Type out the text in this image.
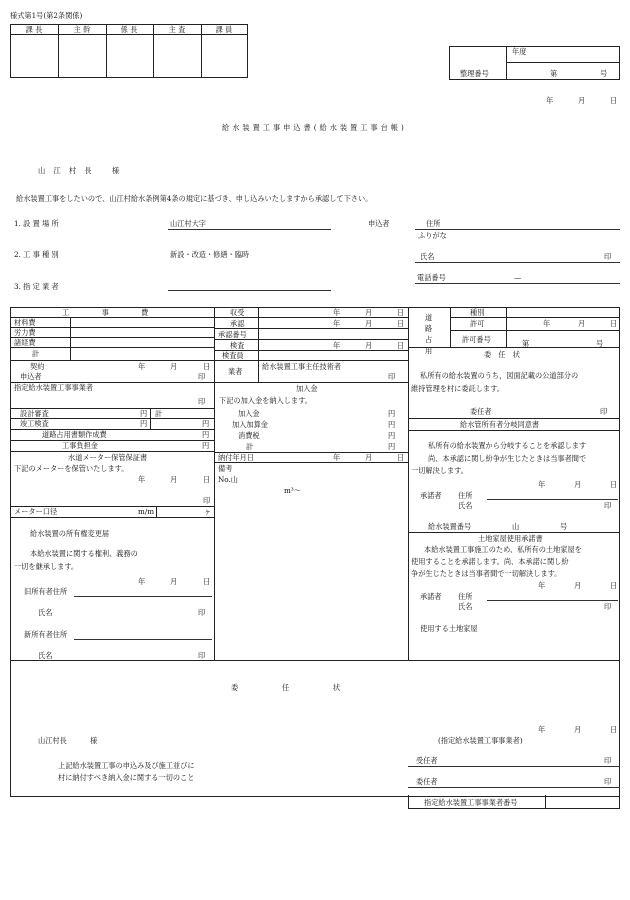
様式第1号(第2条関係)
課 長	主 幹	係 長	主 査	課 員
年度
整理番号	第	号
年	月	日
給水装置工事申込書(給水装置工事台帳)
山 江 村 長 様
給水装置工事をしたいので、山江村給水条例第4条の規定に基づき、申し込みいたしますから承認して下さい。
1. 設 置 場 所	山江村大字
2. 工 事 種 別	新設・改造・修繕・臨時
3. 指 定 業 者
申込者	住所
ふりがな
氏名	印
電話番号	—
工　　事　　費
材料費
労力費
諸経費
計
契約	年	月	日
申込者	印
指定給水装置工事事業者
印
設計審査	円 計
竣工検査	円	円
道路占用書類作成費	円
工事負担金	円
水道メーター保管保証書
下記のメーターを保管いたします。
年	月	日
印
メーター口径	m/m	ヶ
給水装置の所有権変更届
本給水装置に関する権利、義務の
一切を継承します。
年	月	日
旧所有者住所
氏名	印
新所有者住所
氏名	印
収受	年	月	日
承認	年	月	日
承認番号
検査	年	月	日
検査員
業者
給水装置工事主任技術者
印
加入金
下記の加入金を納入します。
加入金	円
加入加算金	円
消費税	円
計	円
納付年月日	年	月	日
備考
No.山
m³〜
道路占用
種別
許可	年	月	日
許可番号	第	号
委　任　状
私所有の給水装置のうち，図面記載の公道部分の
維持管理を村に委託します。
委任者	印
給水管所有者分岐同意書
私所有の給水装置から分岐することを承認します
尚、本承認に関し紛争が生じたときは当事者間で
一切解決します。
年	月	日
承諾者 住所
氏名	印
給水装置番号	山	号
土地家屋使用承諾書
本給水装置工事施工のため、私所有の土地家屋を
使用することを承諾します。尚、本承諾に関し紛
争が生じたときは当事者間で一切解決します。
年	月	日
承諾者 住所
氏名	印
使用する土地家屋
委　　　　任　　　　状
年	月	日
山江村長	様	(指定給水装置工事事業者)
受任者	印
上記給水装置工事の申込み及び施工並びに
村に納付すべき納入金に関する一切のこと	委任者	印
指定給水装置工事事業者番号
